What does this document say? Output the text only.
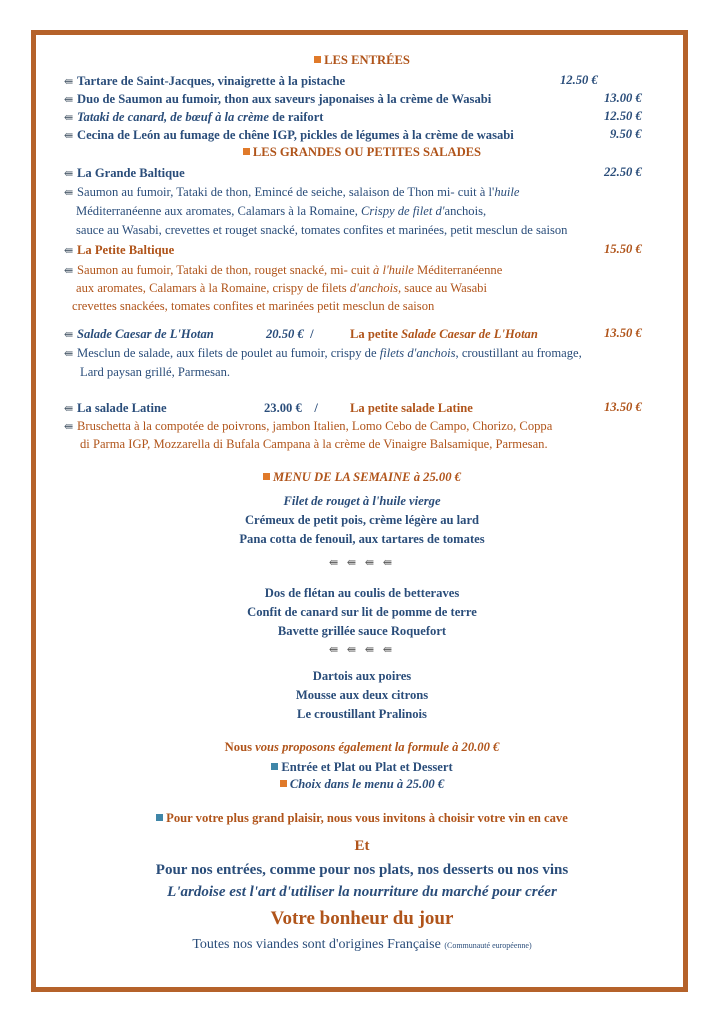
LES ENTRÉES
⇚ Tartare de Saint-Jacques, vinaigrette à la pistache	12.50 €
⇚ Duo de Saumon au fumoir, thon aux saveurs japonaises à la crème de Wasabi	13.00 €
⇚ Tataki de canard, de bœuf à la crème de raifort	12.50 €
⇚ Cecina de León au fumage de chêne IGP, pickles de légumes à la crème de wasabi	9.50 €
LES GRANDES OU PETITES SALADES
⇚ La Grande Baltique	22.50 €
⇚ Saumon au fumoir, Tataki de thon, Emincé de seiche, salaison de Thon mi- cuit à l'huile
Méditerranéenne aux aromates, Calamars à la Romaine, Crispy de filet d'anchois,
sauce au Wasabi, crevettes et rouget snacké, tomates confites et marinées, petit mesclun de saison
⇚ La Petite Baltique	15.50 €
⇚ Saumon au fumoir, Tataki de thon, rouget snacké, mi- cuit à l'huile Méditerranéenne
aux aromates, Calamars à la Romaine, crispy de filets d'anchois, sauce au Wasabi
crevettes snackées, tomates confites et marinées petit mesclun de saison
⇚ Salade Caesar de L'Hotan	20.50 € /	La petite Salade Caesar de L'Hotan	13.50 €
⇚ Mesclun de salade, aux filets de poulet au fumoir, crispy de filets d'anchois, croustillant au fromage,
Lard paysan grillé, Parmesan.
⇚ La salade Latine	23.00 € /	La petite salade Latine	13.50 €
⇚ Bruschetta à la compotée de poivrons, jambon Italien, Lomo Cebo de Campo, Chorizo, Coppa
di Parma IGP, Mozzarella di Bufala Campana à la crème de Vinaigre Balsamique, Parmesan.
MENU DE LA SEMAINE à 25.00 €
Filet de rouget à l'huile vierge
Crémeux de petit pois, crème légère au lard
Pana cotta de fenouil, aux tartares de tomates
⇚ ⇚ ⇚ ⇚
Dos de flétan au coulis de betteraves
Confit de canard sur lit de pomme de terre
Bavette grillée sauce Roquefort
⇚ ⇚ ⇚ ⇚
Dartois aux poires
Mousse aux deux citrons
Le croustillant Pralinois
Nous vous proposons également la formule à 20.00 €
Entrée et Plat ou Plat et Dessert
Choix dans le menu à 25.00 €
Pour votre plus grand plaisir, nous vous invitons à choisir votre vin en cave
Et
Pour nos entrées, comme pour nos plats, nos desserts ou nos vins
L'ardoise est l'art d'utiliser la nourriture du marché pour créer
Votre bonheur du jour
Toutes nos viandes sont d'origines Française (Communauté européenne)
